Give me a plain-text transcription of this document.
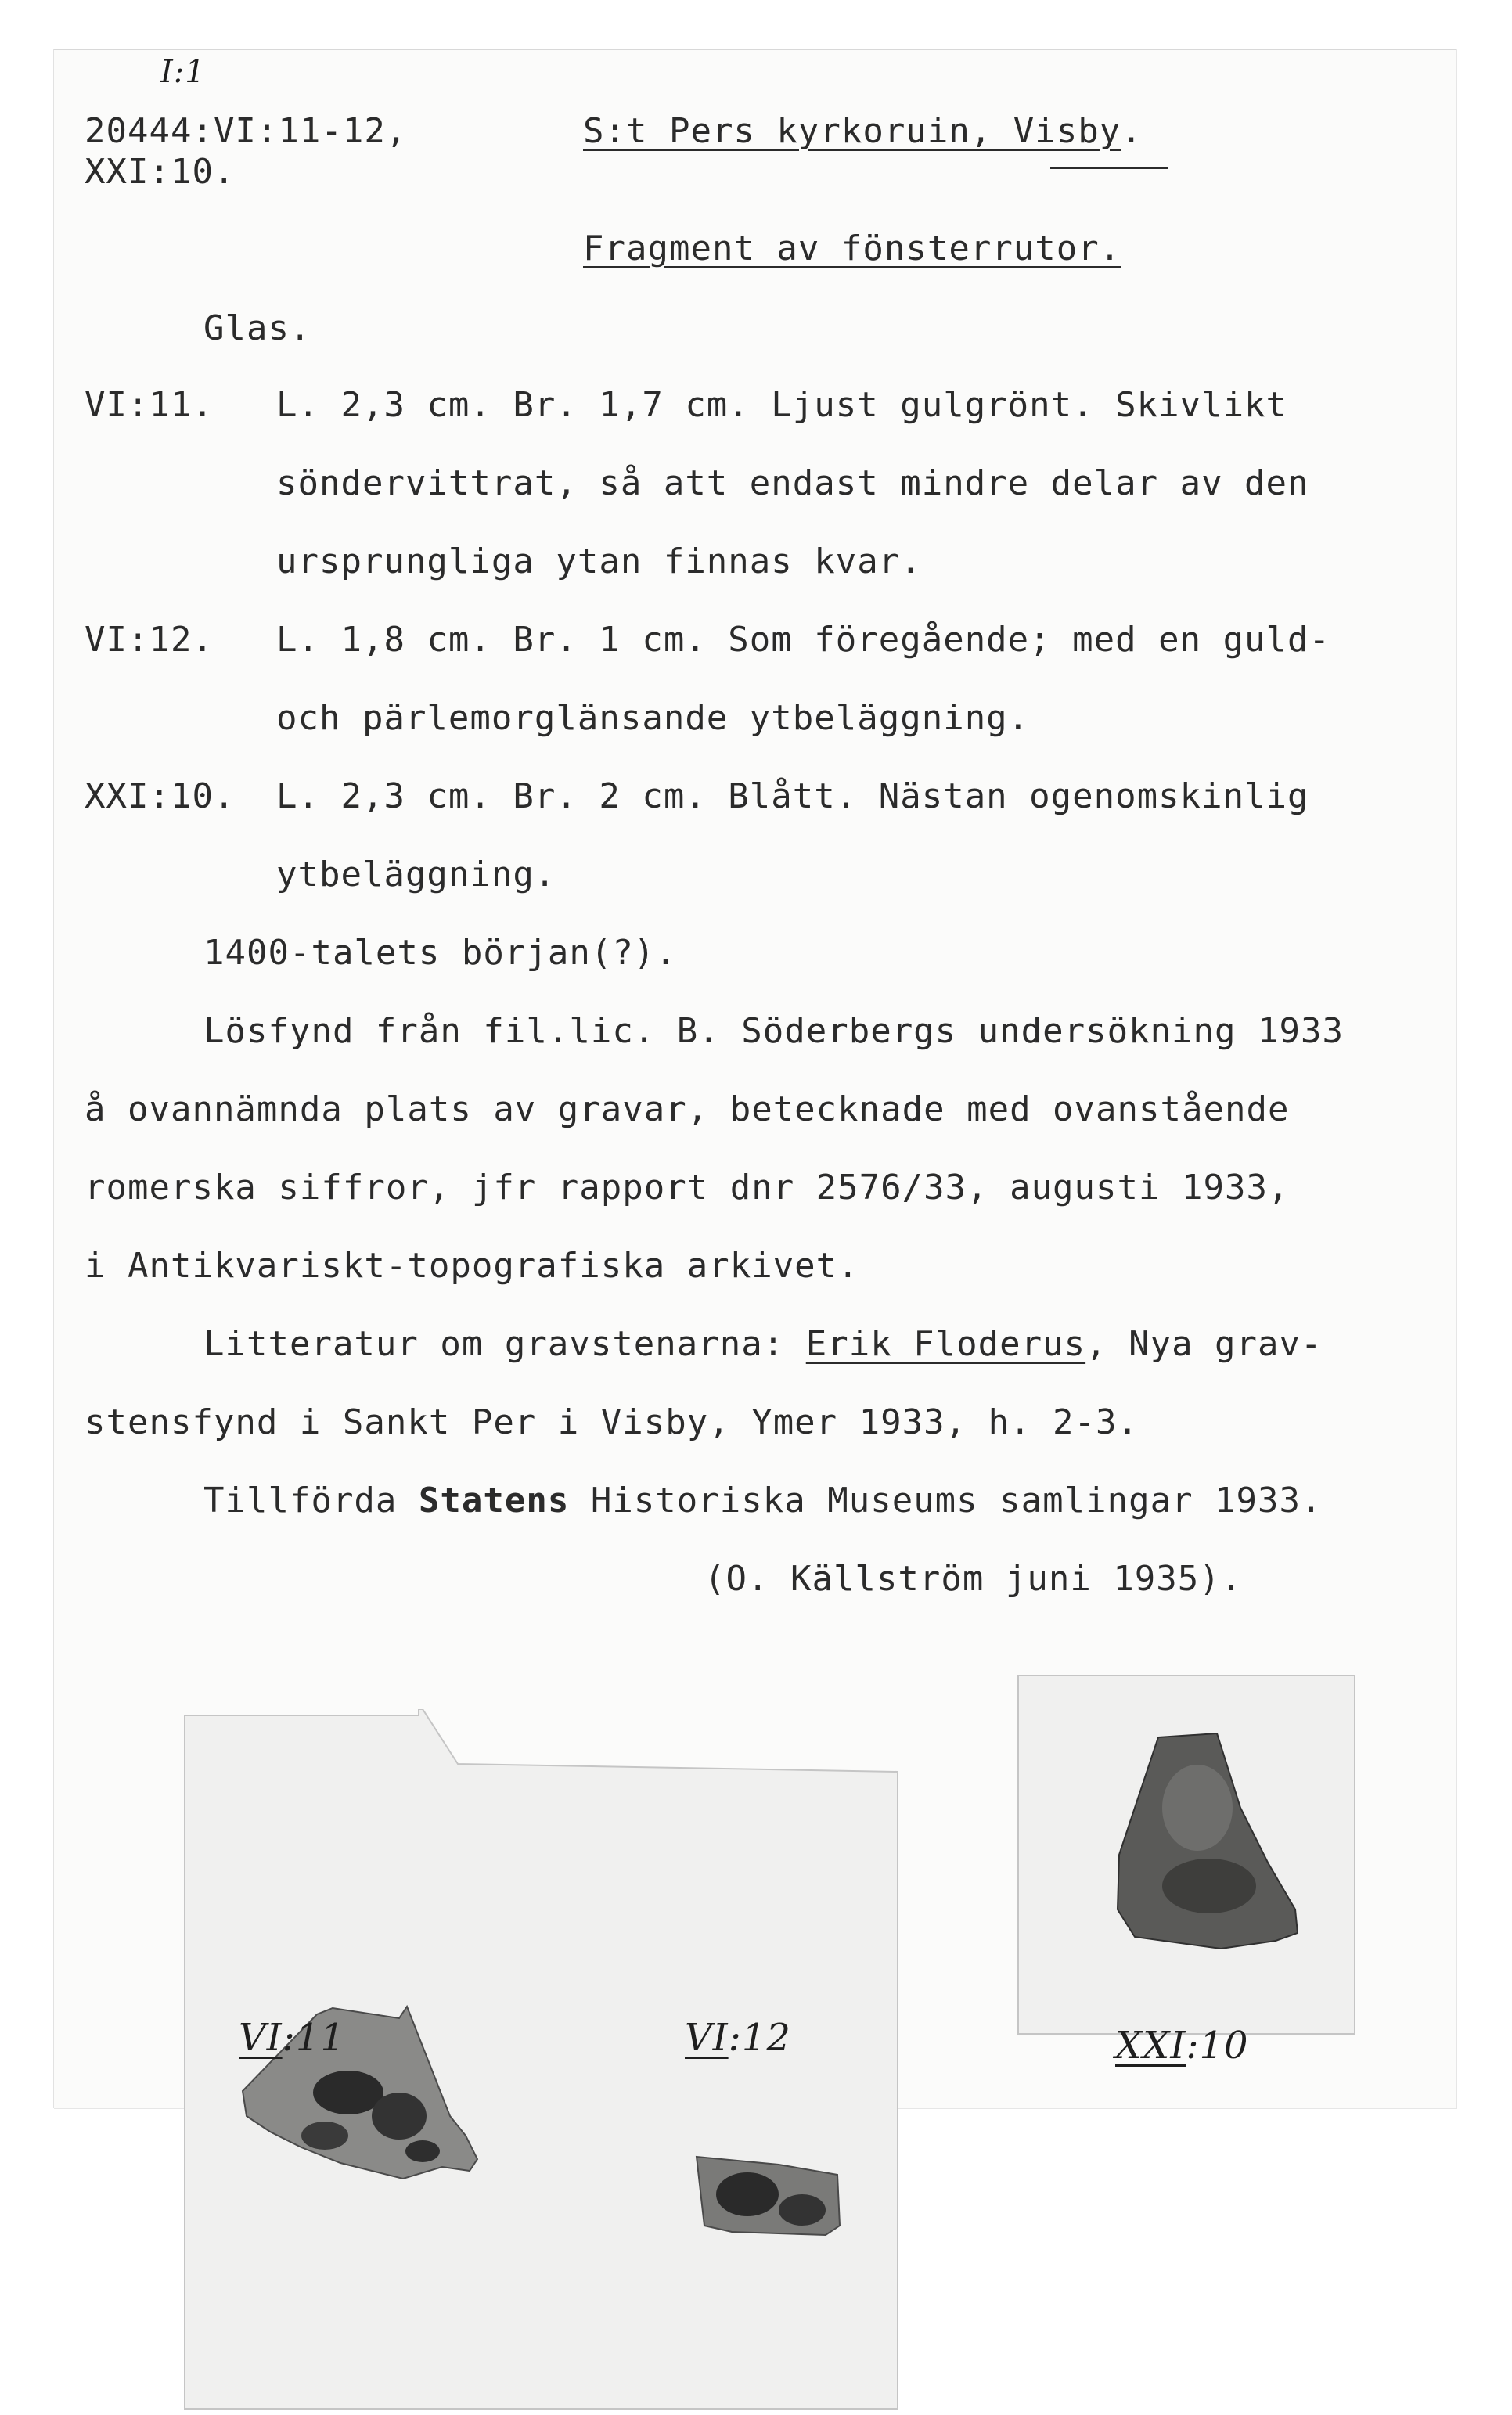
I:1
20444:VI:11-12,
XXI:10.
S:t Pers kyrkoruin, Visby.
Fragment av fönsterrutor.
Glas.
VI:11. L. 2,3 cm. Br. 1,7 cm. Ljust gulgrönt. Skivlikt
söndervittrat, så att endast mindre delar av den
ursprungliga ytan finnas kvar.
VI:12. L. 1,8 cm. Br. 1 cm. Som föregående; med en guld-
och pärlemorglänsande ytbeläggning.
XXI:10. L. 2,3 cm. Br. 2 cm. Blått. Nästan ogenomskinlig
ytbeläggning.
1400-talets början(?).
Lösfynd från fil.lic. B. Söderbergs undersökning 1933
å ovannämnda plats av gravar, betecknade med ovanstående
romerska siffror, jfr rapport dnr 2576/33, augusti 1933,
i Antikvariskt-topografiska arkivet.
Litteratur om gravstenarna: Erik Floderus, Nya grav-
stensfynd i Sankt Per i Visby, Ymer 1933, h. 2-3.
Tillförda Statens Historiska Museums samlingar 1933.
(O. Källström juni 1935).
VI:11	VI:12	XXI:10
